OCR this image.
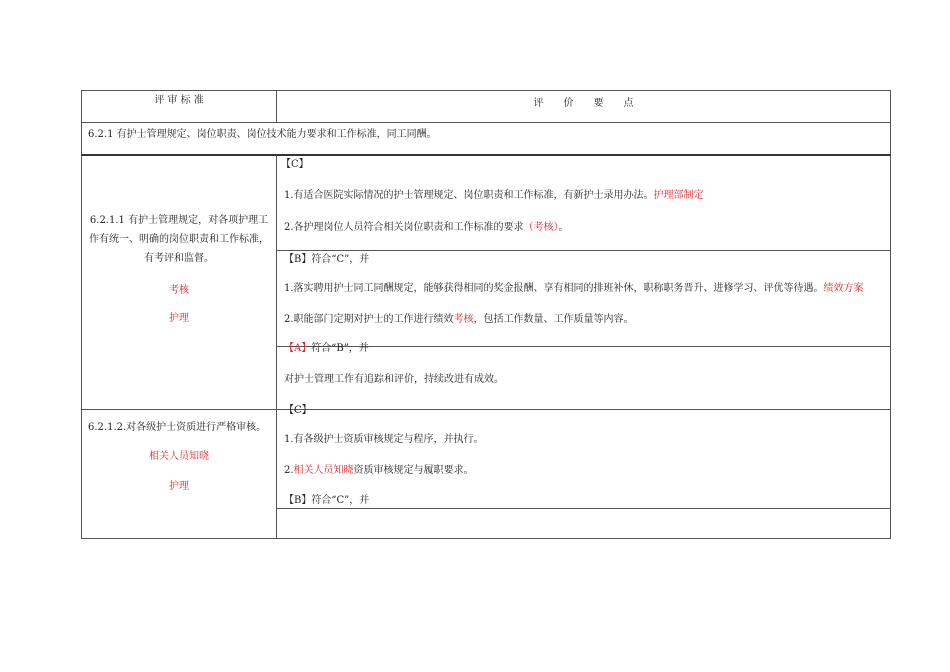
评 审 标 准	评　　价　　要　　点
6.2.1 有护士管理规定、岗位职责、岗位技术能力要求和工作标准，同工同酬。
6.2.1.1 有护士管理规定，对各项护理工
作有统一、明确的岗位职责和工作标准，
有考评和监督。
考核
护理
【C】
1.有适合医院实际情况的护士管理规定、岗位职责和工作标准，有新护士录用办法。护理部制定
2.各护理岗位人员符合相关岗位职责和工作标准的要求（考核）。
【B】符合“C”，并
1.落实聘用护士同工同酬规定，能够获得相同的奖金报酬、享有相同的排班补休，职称职务晋升、进修学习、评优等待遇。绩效方案
2.职能部门定期对护士的工作进行绩效考核，包括工作数量、工作质量等内容。
【A】符合“B”，并
对护士管理工作有追踪和评价，持续改进有成效。
6.2.1.2.对各级护士资质进行严格审核。
相关人员知晓
护理
【C】
1.有各级护士资质审核规定与程序，并执行。
2.相关人员知晓资质审核规定与履职要求。
【B】符合“C”，并
